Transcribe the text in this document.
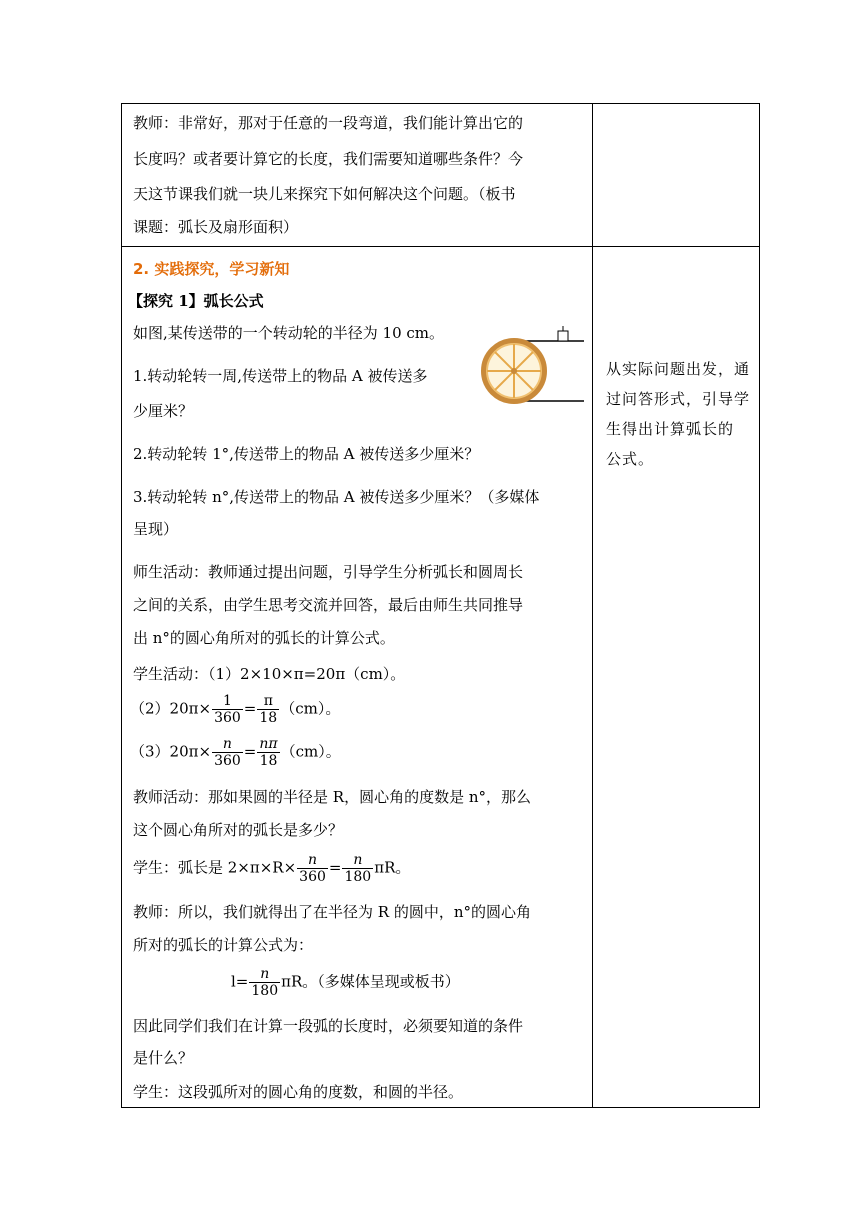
教师：非常好，那对于任意的一段弯道，我们能计算出它的
长度吗？或者要计算它的长度，我们需要知道哪些条件？今
天这节课我们就一块儿来探究下如何解决这个问题。（板书
课题：弧长及扇形面积）
2. 实践探究，学习新知
【探究 1】弧长公式
如图,某传送带的一个转动轮的半径为 10 cm。
1.转动轮转一周,传送带上的物品 A 被传送多
少厘米？
2.转动轮转 1°,传送带上的物品 A 被传送多少厘米？
3.转动轮转 n°,传送带上的物品 A 被传送多少厘米？（多媒体
呈现）
师生活动：教师通过提出问题，引导学生分析弧长和圆周长
之间的关系，由学生思考交流并回答，最后由师生共同推导
出 n°的圆心角所对的弧长的计算公式。
学生活动：（1）2×10×π=20π（cm）。
$(2)20\pi\times \frac{1}{360} = \frac{\pi}{18} (cm)$。
$(3)20\pi\times \frac{n}{360} = \frac{n\pi}{18} (cm)$。
教师活动：那如果圆的半径是 R，圆心角的度数是 n°，那么
这个圆心角所对的弧长是多少？
学生：弧长是 $2\times\pi\times R\times \frac{n}{360} = \frac{n}{180}$ πR。
教师：所以，我们就得出了在半径为 R 的圆中，n°的圆心角
所对的弧长的计算公式为：
$l= \frac{n}{180}$ πR。（多媒体呈现或板书）
因此同学们我们在计算一段弧的长度时，必须要知道的条件
是什么？
学生：这段弧所对的圆心角的度数，和圆的半径。
从实际问题出发，通
过问答形式，引导学
生得出计算弧长的
公式。
